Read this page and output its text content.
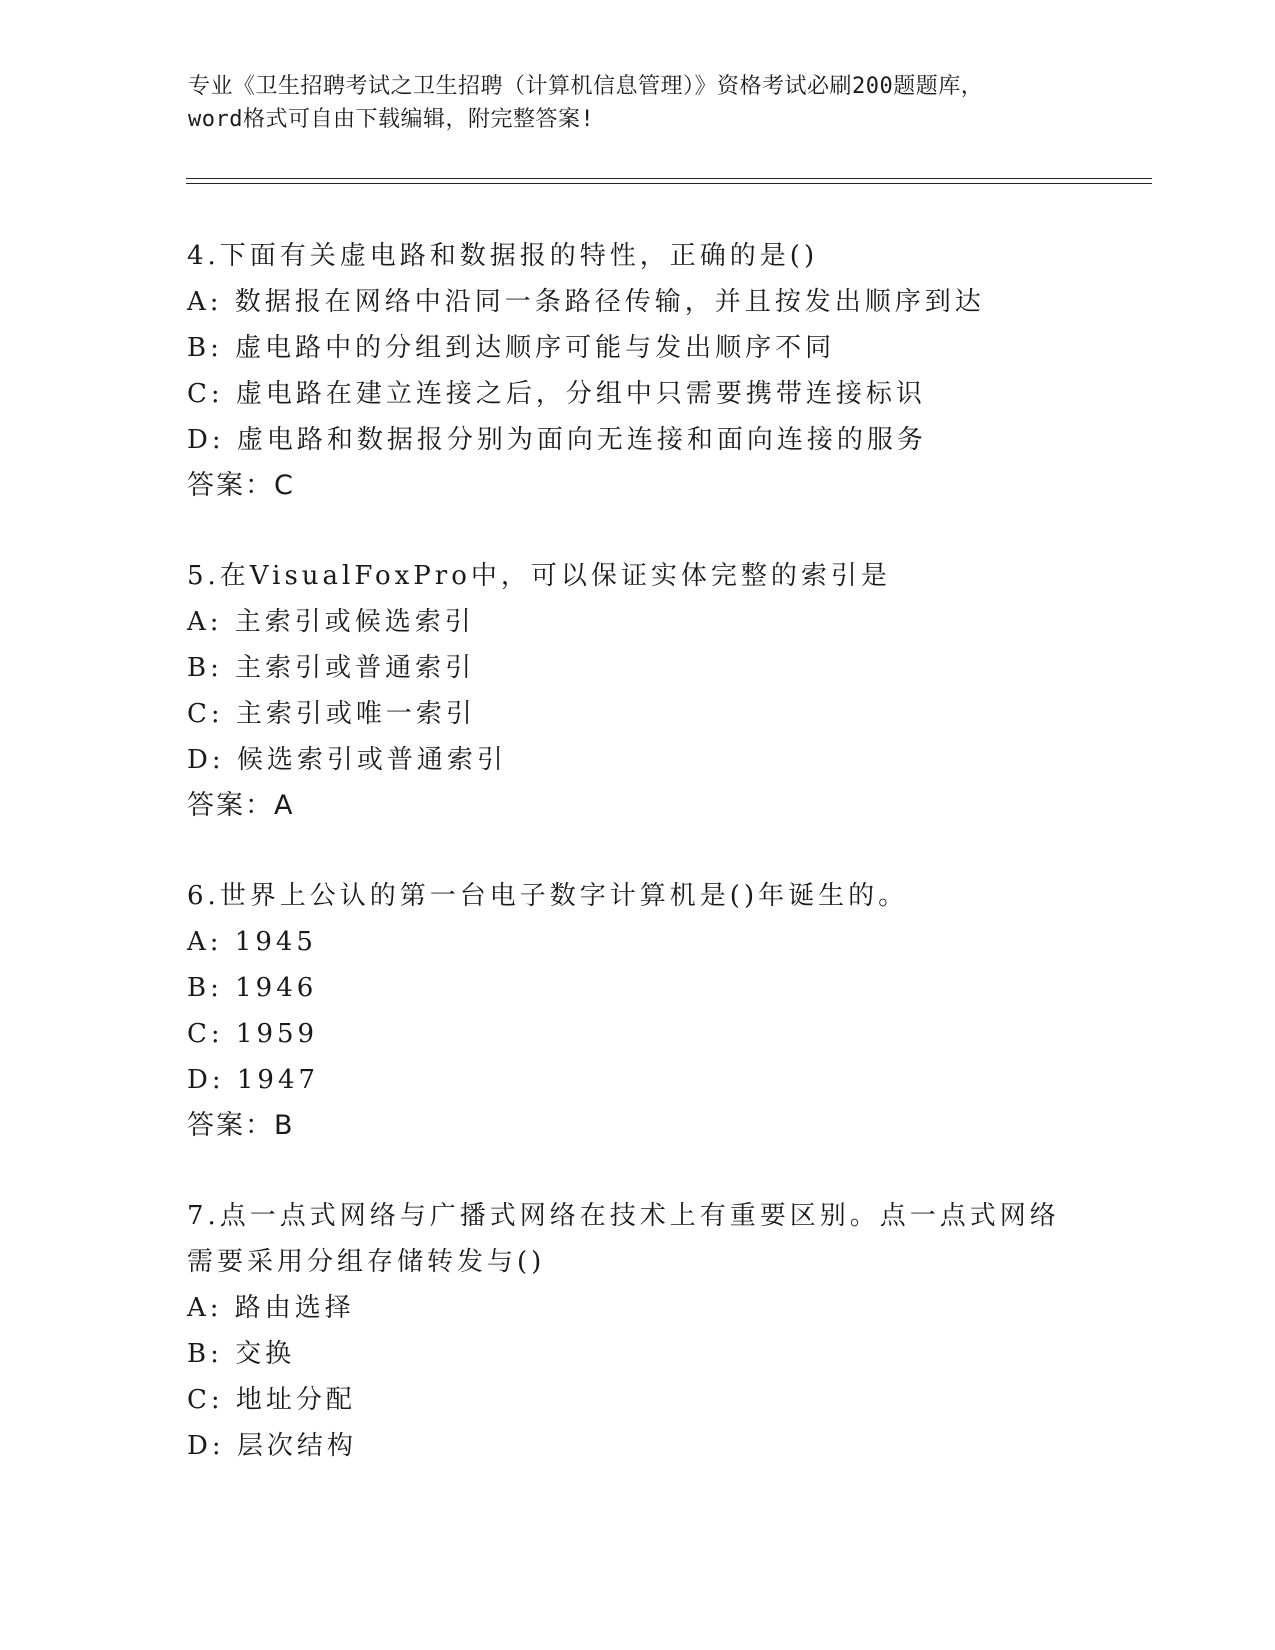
专业《卫生招聘考试之卫生招聘（计算机信息管理）》资格考试必刷200题题库，
word格式可自由下载编辑，附完整答案!
4.下面有关虚电路和数据报的特性，正确的是()
A: 数据报在网络中沿同一条路径传输，并且按发出顺序到达
B: 虚电路中的分组到达顺序可能与发出顺序不同
C: 虚电路在建立连接之后，分组中只需要携带连接标识
D: 虚电路和数据报分别为面向无连接和面向连接的服务
答案：C
5.在VisualFoxPro中，可以保证实体完整的索引是
A: 主索引或候选索引
B: 主索引或普通索引
C: 主索引或唯一索引
D: 候选索引或普通索引
答案：A
6.世界上公认的第一台电子数字计算机是()年诞生的。
A: 1945
B: 1946
C: 1959
D: 1947
答案：B
7.点一点式网络与广播式网络在技术上有重要区别。点一点式网络需要采用分组存储转发与()
A: 路由选择
B: 交换
C: 地址分配
D: 层次结构
